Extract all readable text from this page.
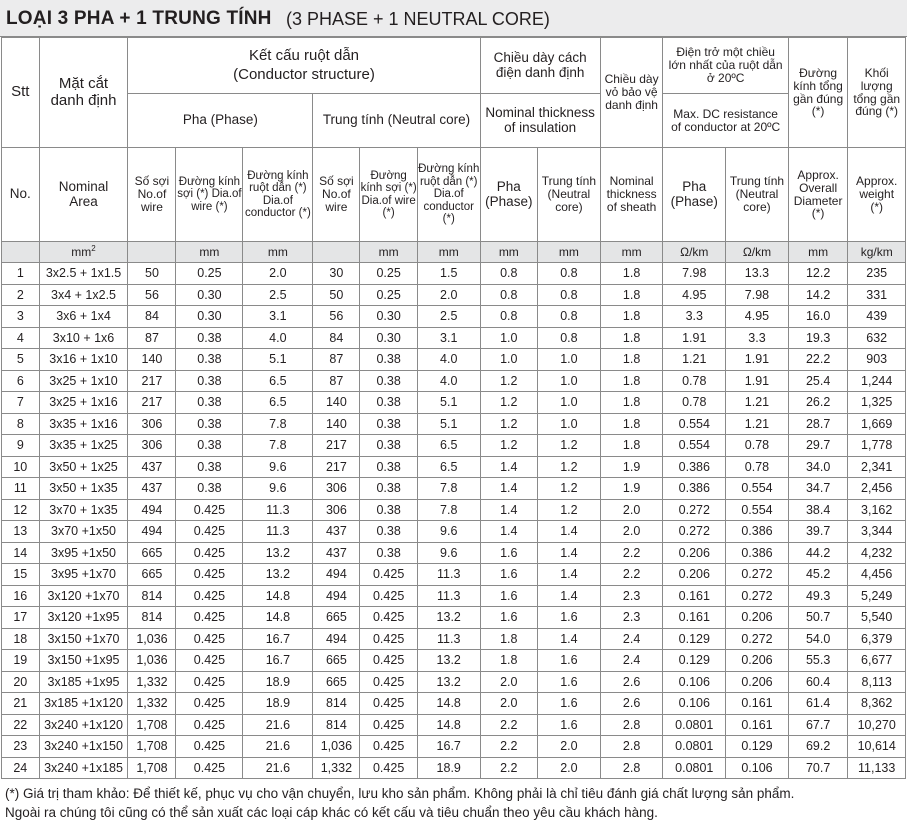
LOẠI 3 PHA + 1 TRUNG TÍNH (3 PHASE + 1 NEUTRAL CORE)
Stt	Mặt cắt danh định	Kết cấu ruột dẫn
(Conductor structure)						Chiều dày cách điện danh định		Chiều dày vỏ bảo vệ danh định	Điện trở một chiều lớn nhất của ruột dẫn ở 20ºC		Đường kính tổng gần đúng (*)	Khối lượng tổng gần đúng (*)
		Pha (Phase)			Trung tính (Neutral core)			Nominal thickness of insulation			Max. DC resistance of conductor at 20ºC			
No.	Nominal Area	Số sợi No.of wire	Đường kính sợi (*) Dia.of wire (*)	Đường kính ruột dẫn (*) Dia.of conductor (*)	Số sợi No.of wire	Đường kính sợi (*) Dia.of wire (*)	Đường kính ruột dẫn (*) Dia.of conductor (*)	Pha (Phase)	Trung tính (Neutral core)	Nominal thickness of sheath	Pha (Phase)	Trung tính (Neutral core)	Approx. Overall Diameter (*)	Approx. weight (*)
	$mm^2$		mm	mm		mm	mm	mm	mm	mm	Ω/km	Ω/km	mm	kg/km
1	3x2.5 + 1x1.5	50	0.25	2.0	30	0.25	1.5	0.8	0.8	1.8	7.98	13.3	12.2	235
2	3x4 + 1x2.5	56	0.30	2.5	50	0.25	2.0	0.8	0.8	1.8	4.95	7.98	14.2	331
3	3x6 + 1x4	84	0.30	3.1	56	0.30	2.5	0.8	0.8	1.8	3.3	4.95	16.0	439
4	3x10 + 1x6	87	0.38	4.0	84	0.30	3.1	1.0	0.8	1.8	1.91	3.3	19.3	632
5	3x16 + 1x10	140	0.38	5.1	87	0.38	4.0	1.0	1.0	1.8	1.21	1.91	22.2	903
6	3x25 + 1x10	217	0.38	6.5	87	0.38	4.0	1.2	1.0	1.8	0.78	1.91	25.4	1,244
7	3x25 + 1x16	217	0.38	6.5	140	0.38	5.1	1.2	1.0	1.8	0.78	1.21	26.2	1,325
8	3x35 + 1x16	306	0.38	7.8	140	0.38	5.1	1.2	1.0	1.8	0.554	1.21	28.7	1,669
9	3x35 + 1x25	306	0.38	7.8	217	0.38	6.5	1.2	1.2	1.8	0.554	0.78	29.7	1,778
10	3x50 + 1x25	437	0.38	9.6	217	0.38	6.5	1.4	1.2	1.9	0.386	0.78	34.0	2,341
11	3x50 + 1x35	437	0.38	9.6	306	0.38	7.8	1.4	1.2	1.9	0.386	0.554	34.7	2,456
12	3x70 + 1x35	494	0.425	11.3	306	0.38	7.8	1.4	1.2	2.0	0.272	0.554	38.4	3,162
13	3x70 +1x50	494	0.425	11.3	437	0.38	9.6	1.4	1.4	2.0	0.272	0.386	39.7	3,344
14	3x95 +1x50	665	0.425	13.2	437	0.38	9.6	1.6	1.4	2.2	0.206	0.386	44.2	4,232
15	3x95 +1x70	665	0.425	13.2	494	0.425	11.3	1.6	1.4	2.2	0.206	0.272	45.2	4,456
16	3x120 +1x70	814	0.425	14.8	494	0.425	11.3	1.6	1.4	2.3	0.161	0.272	49.3	5,249
17	3x120 +1x95	814	0.425	14.8	665	0.425	13.2	1.6	1.6	2.3	0.161	0.206	50.7	5,540
18	3x150 +1x70	1,036	0.425	16.7	494	0.425	11.3	1.8	1.4	2.4	0.129	0.272	54.0	6,379
19	3x150 +1x95	1,036	0.425	16.7	665	0.425	13.2	1.8	1.6	2.4	0.129	0.206	55.3	6,677
20	3x185 +1x95	1,332	0.425	18.9	665	0.425	13.2	2.0	1.6	2.6	0.106	0.206	60.4	8,113
21	3x185 +1x120	1,332	0.425	18.9	814	0.425	14.8	2.0	1.6	2.6	0.106	0.161	61.4	8,362
22	3x240 +1x120	1,708	0.425	21.6	814	0.425	14.8	2.2	1.6	2.8	0.0801	0.161	67.7	10,270
23	3x240 +1x150	1,708	0.425	21.6	1,036	0.425	16.7	2.2	2.0	2.8	0.0801	0.129	69.2	10,614
24	3x240 +1x185	1,708	0.425	21.6	1,332	0.425	18.9	2.2	2.0	2.8	0.0801	0.106	70.7	11,133
(*) Giá trị tham khảo: Để thiết kế, phục vụ cho vận chuyển, lưu kho sản phẩm. Không phải là chỉ tiêu đánh giá chất lượng sản phẩm.
Ngoài ra chúng tôi cũng có thể sản xuất các loại cáp khác có kết cấu và tiêu chuẩn theo yêu cầu khách hàng.
